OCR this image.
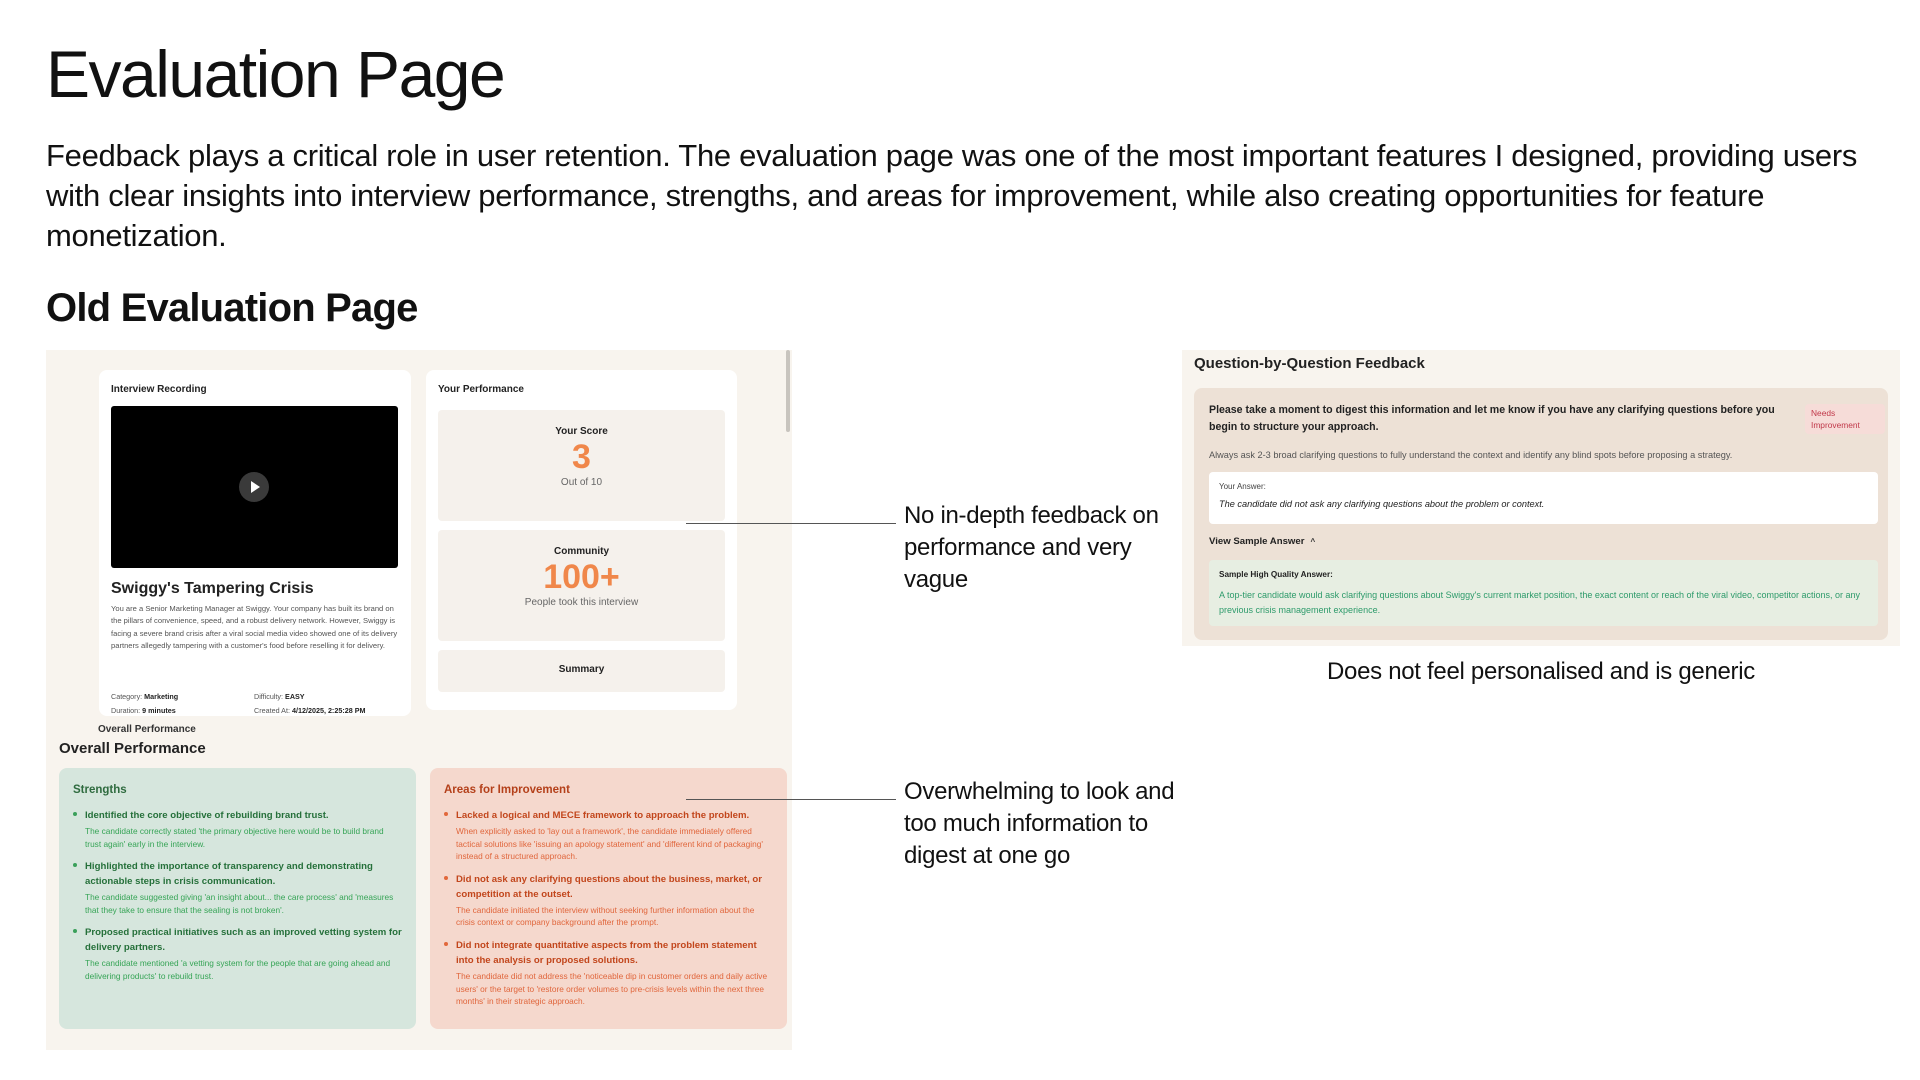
Evaluation Page

Feedback plays a critical role in user retention. The evaluation page was one of the most important features I designed, providing users with clear insights into interview performance, strengths, and areas for improvement, while also creating opportunities for feature monetization.

Old Evaluation Page
Interview Recording
Swiggy's Tampering Crisis
You are a Senior Marketing Manager at Swiggy. Your company has built its brand on the pillars of convenience, speed, and a robust delivery network. However, Swiggy is facing a severe brand crisis after a viral social media video showed one of its delivery partners allegedly tampering with a customer's food before reselling it for delivery.
Category: Marketing	Difficulty: EASY
Duration: 9 minutes	Created At: 4/12/2025, 2:25:28 PM
Your Performance
Your Score
3
Out of 10
Community
100+
People took this interview
Summary
Overall Performance
Overall Performance
Strengths
Identified the core objective of rebuilding brand trust.
The candidate correctly stated 'the primary objective here would be to build brand trust again' early in the interview.
Highlighted the importance of transparency and demonstrating actionable steps in crisis communication.
The candidate suggested giving 'an insight about... the care process' and 'measures that they take to ensure that the sealing is not broken'.
Proposed practical initiatives such as an improved vetting system for delivery partners.
The candidate mentioned 'a vetting system for the people that are going ahead and delivering products' to rebuild trust.
Areas for Improvement
Lacked a logical and MECE framework to approach the problem.
When explicitly asked to 'lay out a framework', the candidate immediately offered tactical solutions like 'issuing an apology statement' and 'different kind of packaging' instead of a structured approach.
Did not ask any clarifying questions about the business, market, or competition at the outset.
The candidate initiated the interview without seeking further information about the crisis context or company background after the prompt.
Did not integrate quantitative aspects from the problem statement into the analysis or proposed solutions.
The candidate did not address the 'noticeable dip in customer orders and daily active users' or the target to 'restore order volumes to pre-crisis levels within the next three months' in their strategic approach.
No in-depth feedback on performance and very vague
Overwhelming to look and too much information to digest at one go
Question-by-Question Feedback
Please take a moment to digest this information and let me know if you have any clarifying questions before you begin to structure your approach.
Needs Improvement
Always ask 2-3 broad clarifying questions to fully understand the context and identify any blind spots before proposing a strategy.
Your Answer:
The candidate did not ask any clarifying questions about the problem or context.
View Sample Answer ^
Sample High Quality Answer:
A top-tier candidate would ask clarifying questions about Swiggy's current market position, the exact content or reach of the viral video, competitor actions, or any previous crisis management experience.
Does not feel personalised and is generic
